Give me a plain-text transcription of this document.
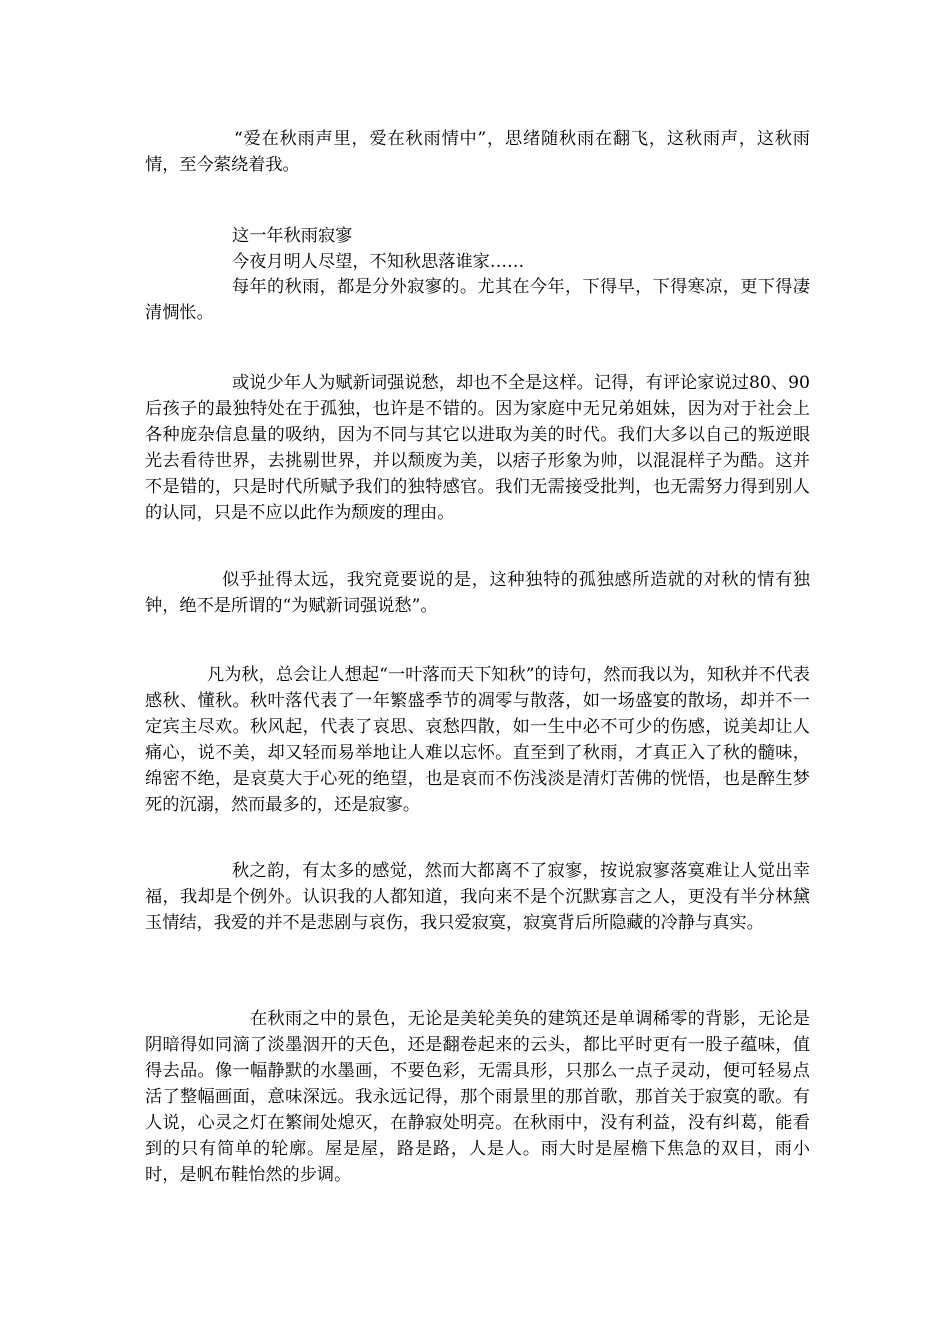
“爱在秋雨声里，爱在秋雨情中”，思绪随秋雨在翻飞，这秋雨声，这秋雨情，至今萦绕着我。

这一年秋雨寂寥

今夜月明人尽望，不知秋思落谁家……

每年的秋雨，都是分外寂寥的。尤其在今年，下得早，下得寒凉，更下得凄清惆怅。

或说少年人为赋新词强说愁，却也不全是这样。记得，有评论家说过80、90后孩子的最独特处在于孤独，也许是不错的。因为家庭中无兄弟姐妹，因为对于社会上各种庞杂信息量的吸纳，因为不同与其它以进取为美的时代。我们大多以自己的叛逆眼光去看待世界，去挑剔世界，并以颓废为美，以痞子形象为帅，以混混样子为酷。这并不是错的，只是时代所赋予我们的独特感官。我们无需接受批判，也无需努力得到别人的认同，只是不应以此作为颓废的理由。

似乎扯得太远，我究竟要说的是，这种独特的孤独感所造就的对秋的情有独钟，绝不是所谓的“为赋新词强说愁”。

凡为秋，总会让人想起“一叶落而天下知秋”的诗句，然而我以为，知秋并不代表感秋、懂秋。秋叶落代表了一年繁盛季节的凋零与散落，如一场盛宴的散场，却并不一定宾主尽欢。秋风起，代表了哀思、哀愁四散，如一生中必不可少的伤感，说美却让人痛心，说不美，却又轻而易举地让人难以忘怀。直至到了秋雨，才真正入了秋的髓味，绵密不绝，是哀莫大于心死的绝望，也是哀而不伤浅淡是清灯苦佛的恍悟，也是醉生梦死的沉溺，然而最多的，还是寂寥。

秋之韵，有太多的感觉，然而大都离不了寂寥，按说寂寥落寞难让人觉出幸福，我却是个例外。认识我的人都知道，我向来不是个沉默寡言之人，更没有半分林黛玉情结，我爱的并不是悲剧与哀伤，我只爱寂寞，寂寞背后所隐藏的冷静与真实。

在秋雨之中的景色，无论是美轮美奂的建筑还是单调稀零的背影，无论是阴暗得如同滴了淡墨洇开的天色，还是翻卷起来的云头，都比平时更有一股子蕴味，值得去品。像一幅静默的水墨画，不要色彩，无需具形，只那么一点子灵动，便可轻易点活了整幅画面，意味深远。我永远记得，那个雨景里的那首歌，那首关于寂寞的歌。有人说，心灵之灯在繁闹处熄灭，在静寂处明亮。在秋雨中，没有利益，没有纠葛，能看到的只有简单的轮廓。屋是屋，路是路，人是人。雨大时是屋檐下焦急的双目，雨小时，是帆布鞋怡然的步调。
